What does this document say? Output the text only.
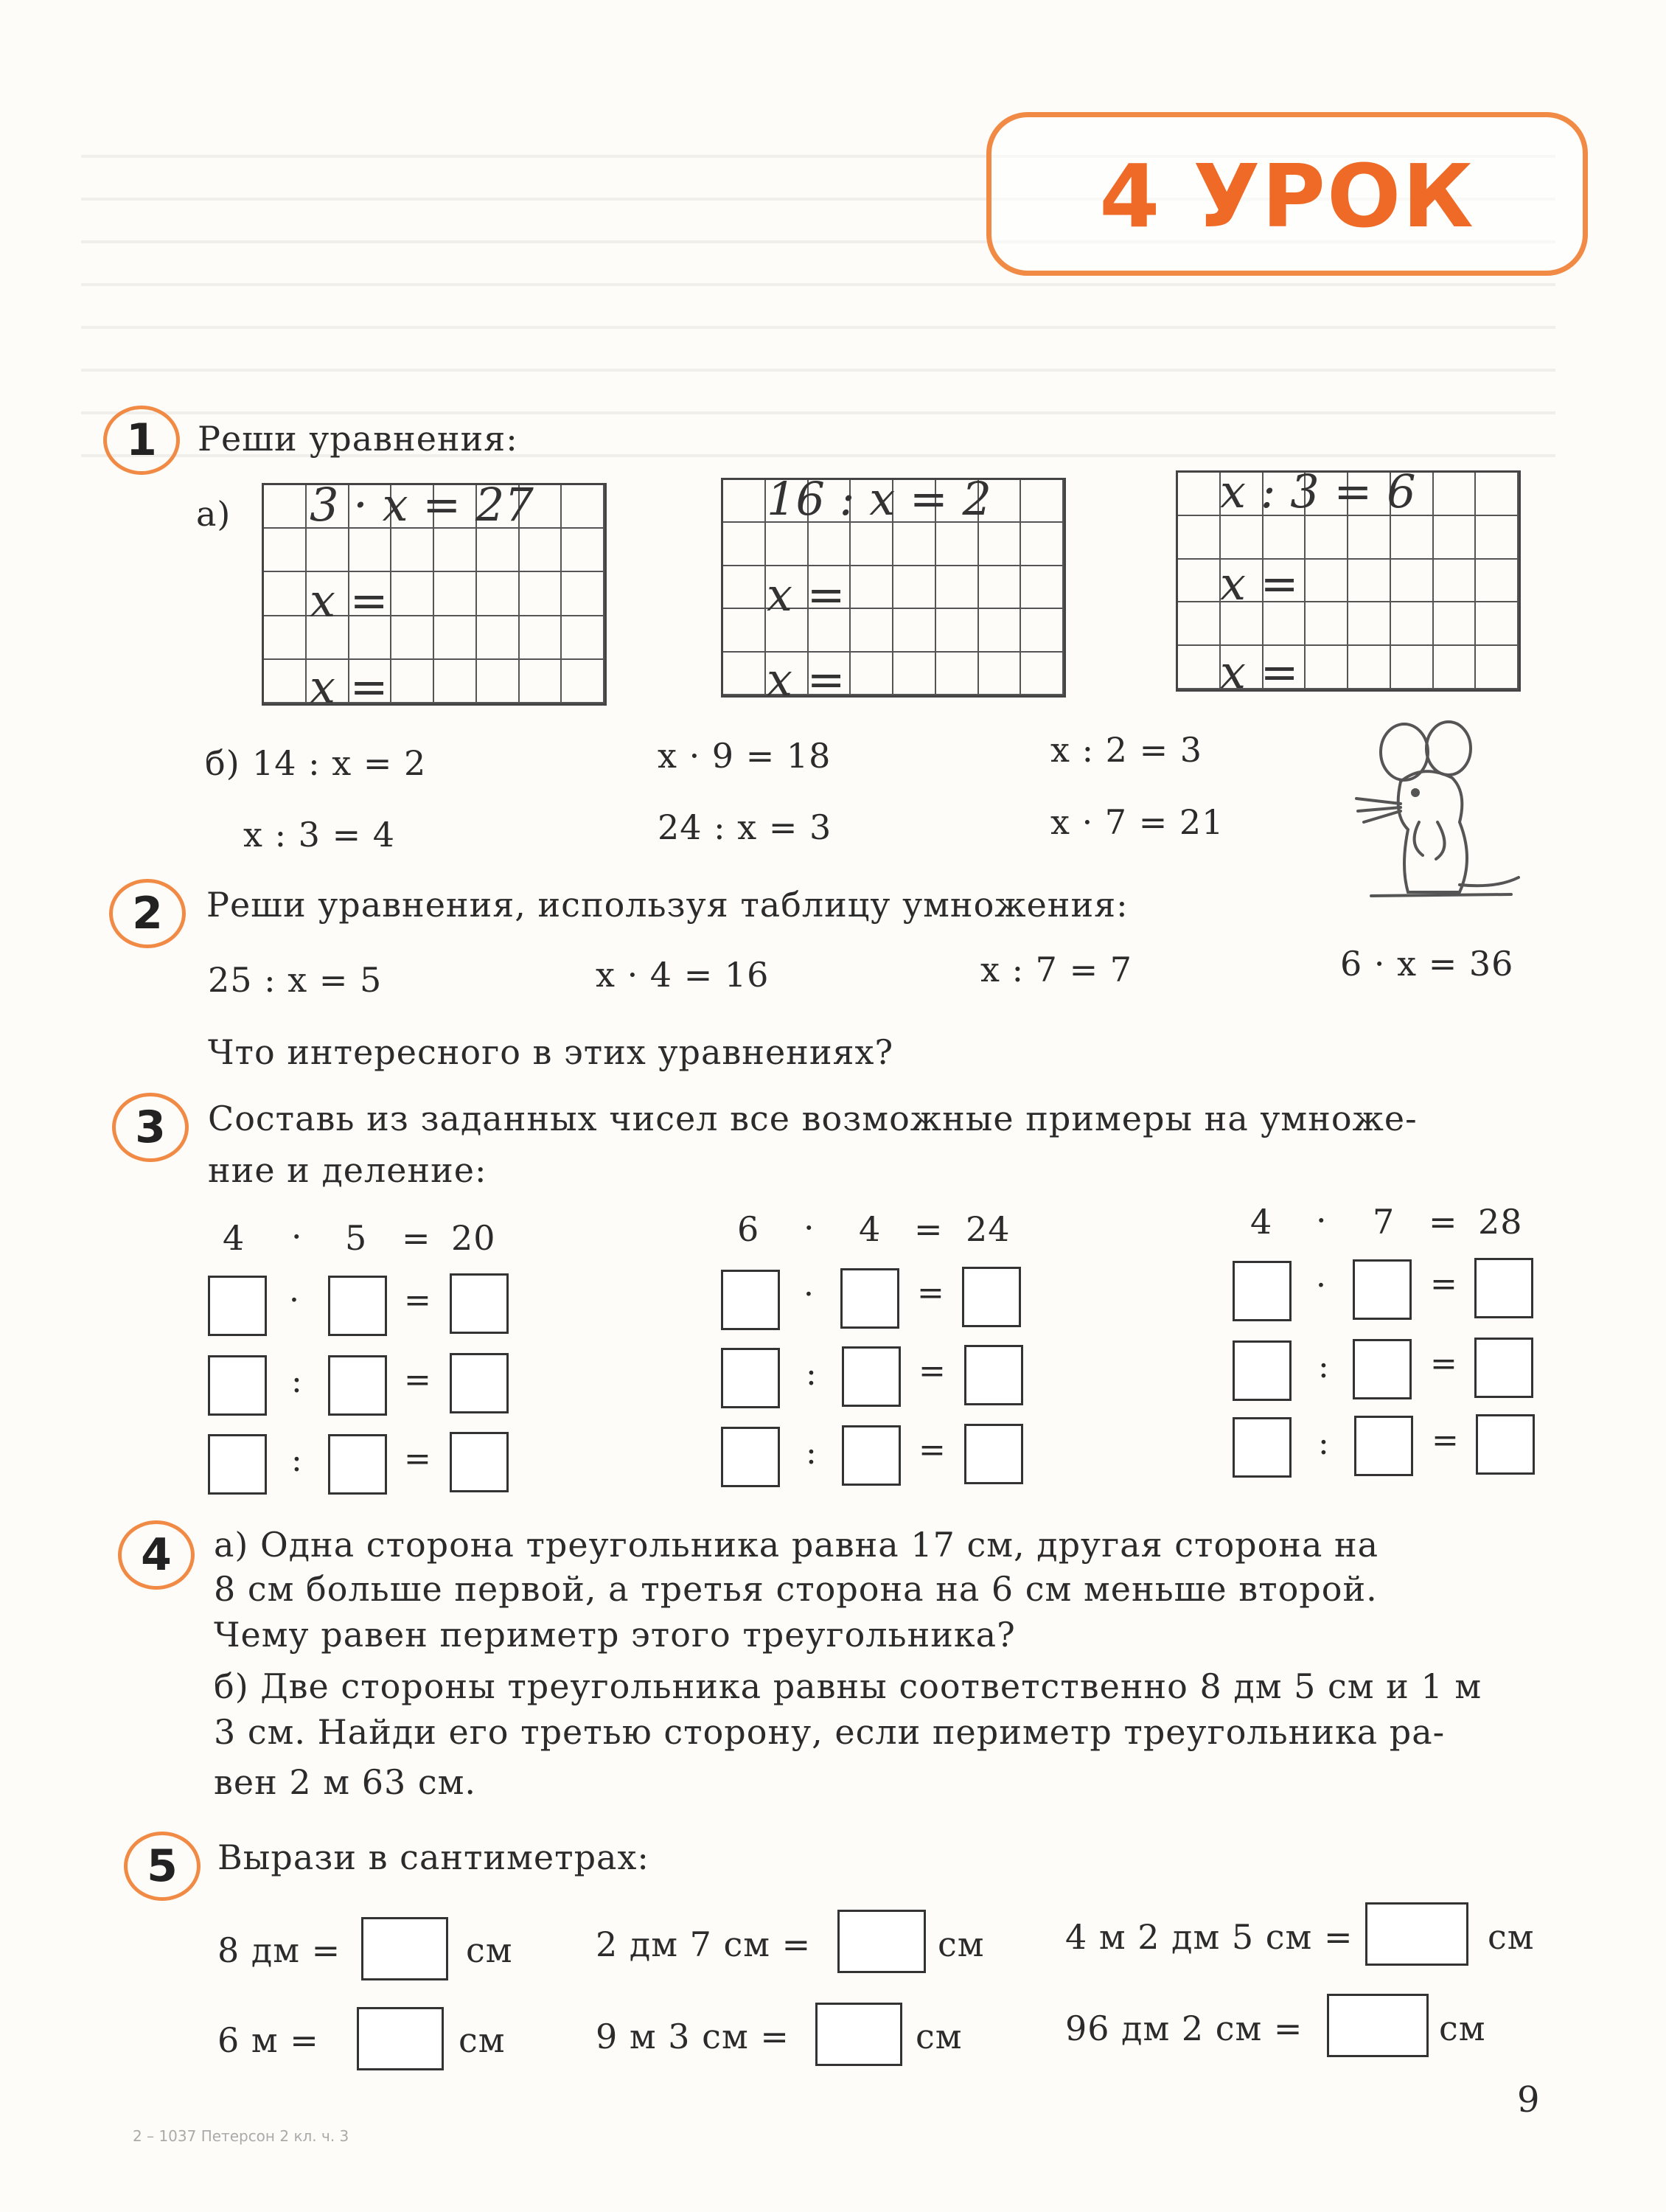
4 УРОК
1 Реши уравнения:
а) 3 · x = 27
x =
x =
16 : x = 2
x =
x =
x : 3 = 6
x =
x =
б) 14 : x = 2	x · 9 = 18	x : 2 = 3
x : 3 = 4	24 : x = 3	x · 7 = 21
2 Реши уравнения, используя таблицу умножения:
25 : x = 5	x · 4 = 16	x : 7 = 7	6 · x = 36
Что интересного в этих уравнениях?
3 Составь из заданных чисел все возможные примеры на умноже-
ние и деление:
4 · 5 = 20
·	=
:	=
:	=
6 · 4 = 24
·	=
:	=
:	=
4 · 7 = 28
·	=
:	=
:	=
4 а) Одна сторона треугольника равна 17 см, другая сторона на
8 см больше первой, а третья сторона на 6 см меньше второй.
Чему равен периметр этого треугольника?
б) Две стороны треугольника равны соответственно 8 дм 5 см и 1 м
3 см. Найди его третью сторону, если периметр треугольника ра-
вен 2 м 63 см.
5 Вырази в сантиметрах:
8 дм =	см 2 дм 7 см =	см 4 м 2 дм 5 см =	см
6 м =	см	9 м 3 см =	см	96 дм 2 см =	см
9
2 – 1037 Петерсон 2 кл. ч. 3
